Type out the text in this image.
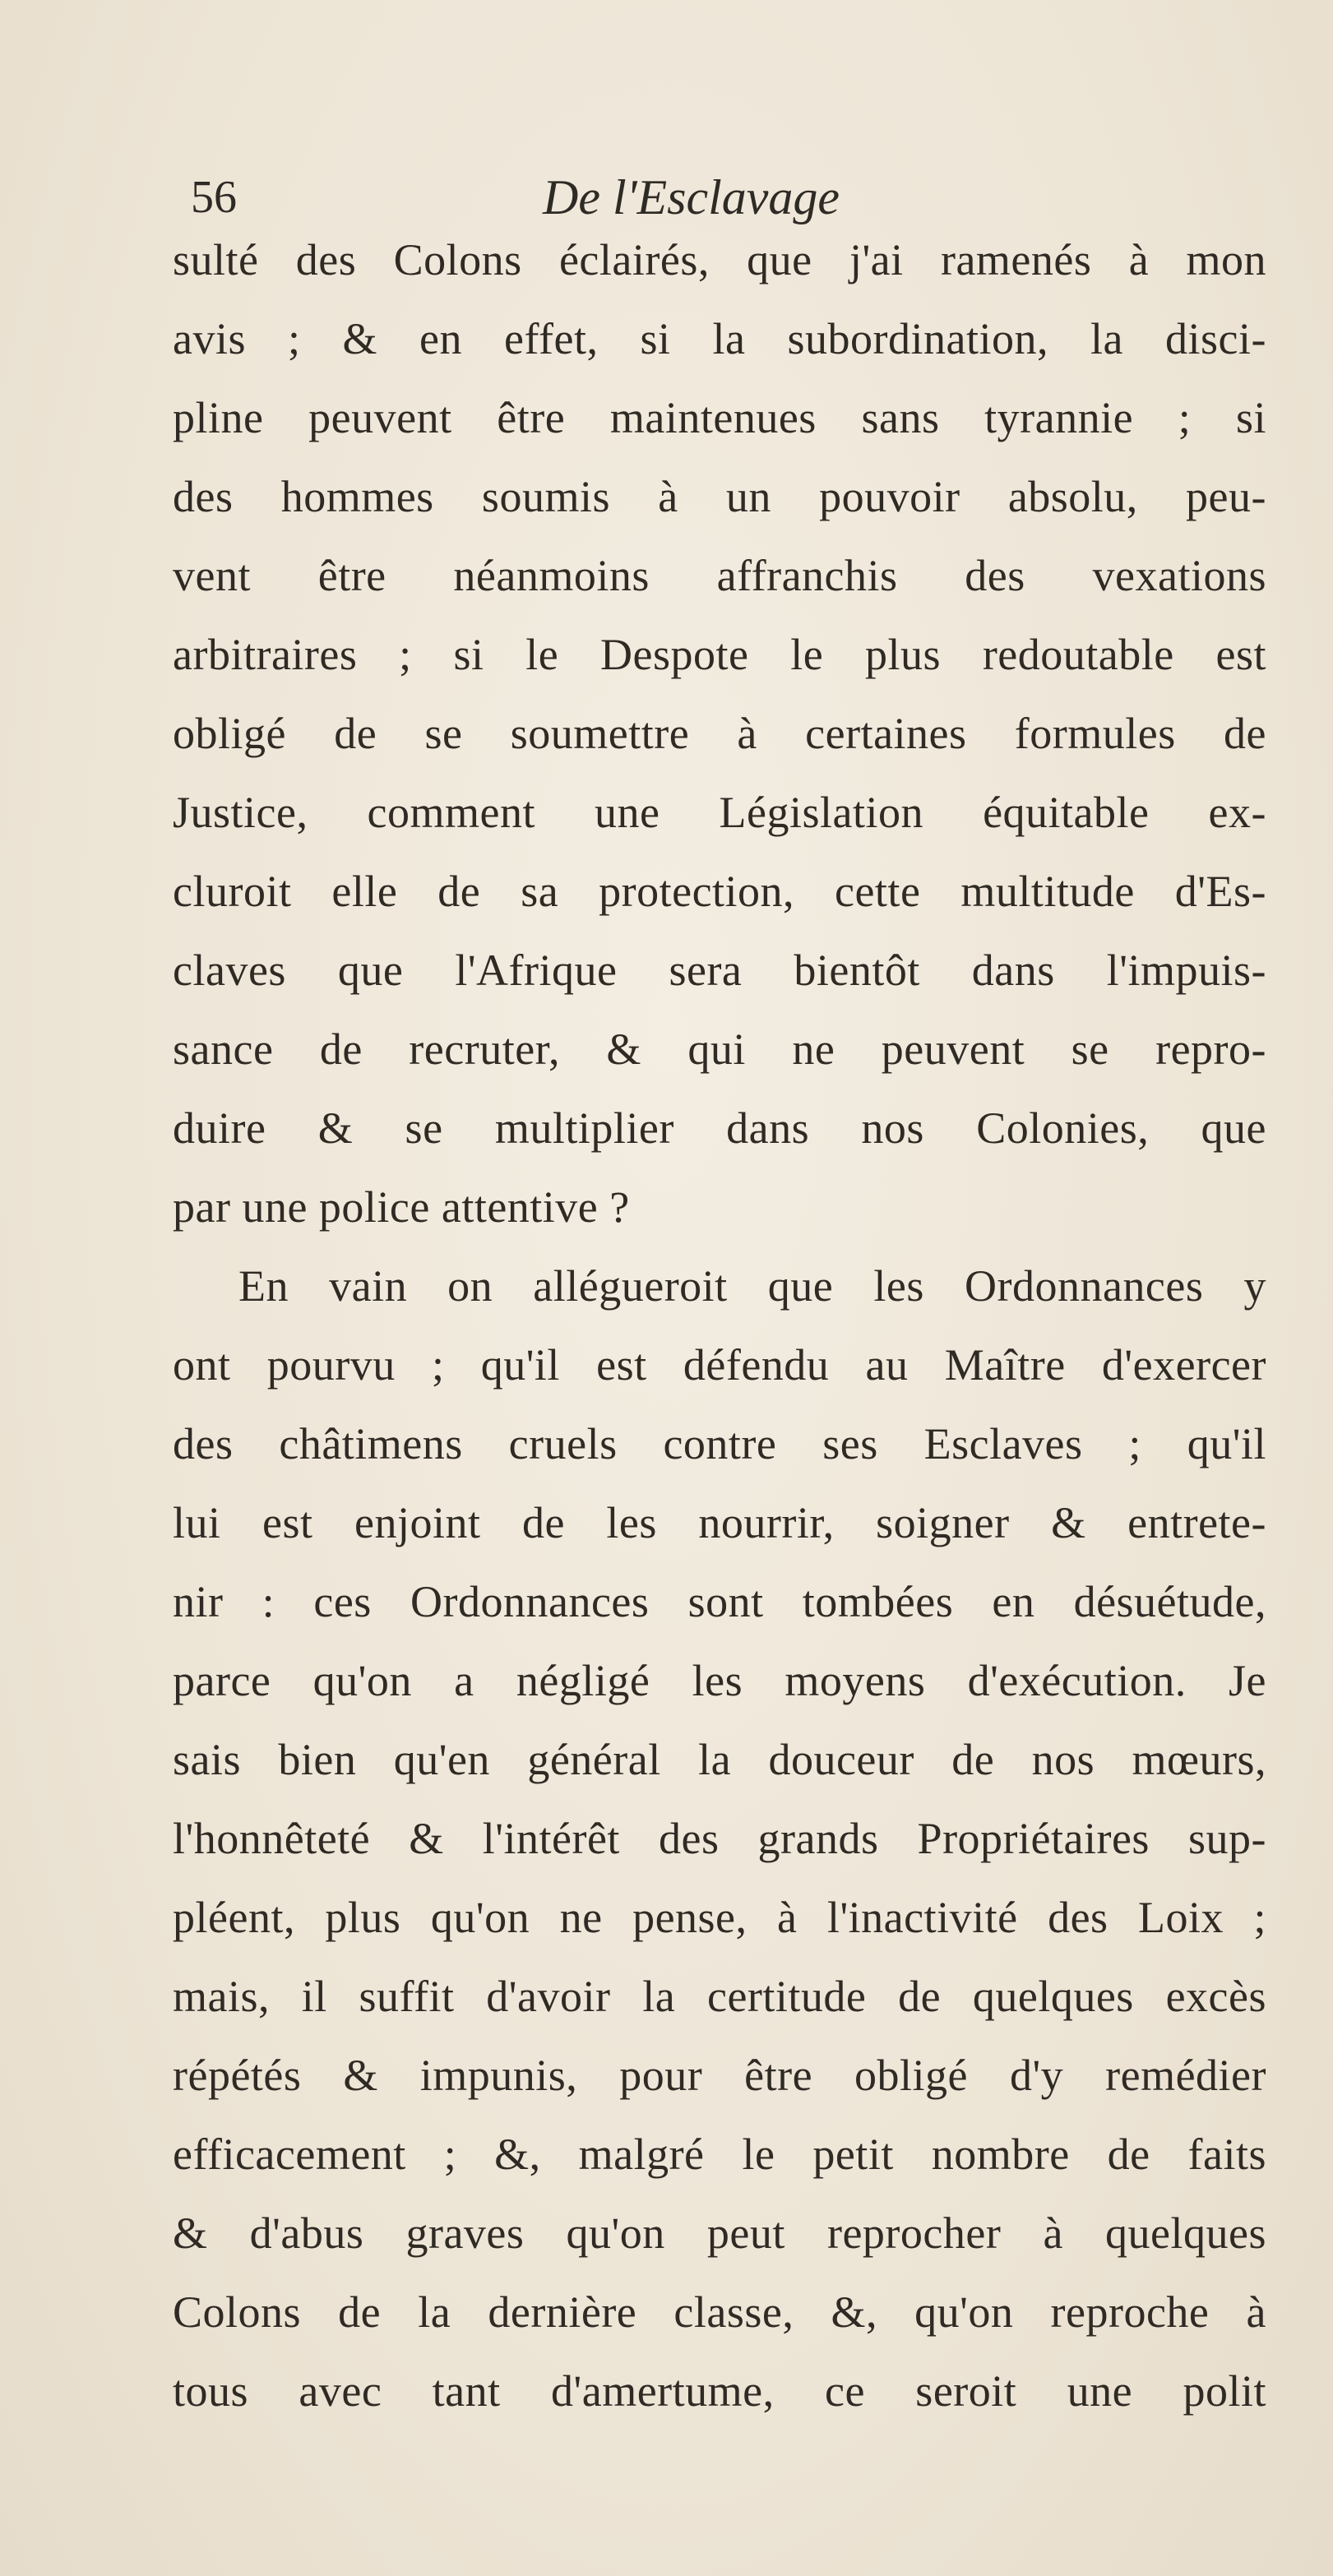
56	De l'Esclavage
sulté des Colons éclairés, que j'ai ramenés à mon
avis ; & en effet, si la subordination, la disci-
pline peuvent être maintenues sans tyrannie ; si
des hommes soumis à un pouvoir absolu, peu-
vent être néanmoins affranchis des vexations
arbitraires ; si le Despote le plus redoutable est
obligé de se soumettre à certaines formules de
Justice, comment une Législation équitable ex-
cluroit elle de sa protection, cette multitude d'Es-
claves que l'Afrique sera bientôt dans l'impuis-
sance de recruter, & qui ne peuvent se repro-
duire & se multiplier dans nos Colonies, que
par une police attentive ?
En vain on allégueroit que les Ordonnances y
ont pourvu ; qu'il est défendu au Maître d'exercer
des châtimens cruels contre ses Esclaves ; qu'il
lui est enjoint de les nourrir, soigner & entrete-
nir : ces Ordonnances sont tombées en désuétude,
parce qu'on a négligé les moyens d'exécution. Je
sais bien qu'en général la douceur de nos mœurs,
l'honnêteté & l'intérêt des grands Propriétaires sup-
pléent, plus qu'on ne pense, à l'inactivité des Loix ;
mais, il suffit d'avoir la certitude de quelques excès
répétés & impunis, pour être obligé d'y remédier
efficacement ; &, malgré le petit nombre de faits
& d'abus graves qu'on peut reprocher à quelques
Colons de la dernière classe, &, qu'on reproche à
tous avec tant d'amertume, ce seroit une polit
